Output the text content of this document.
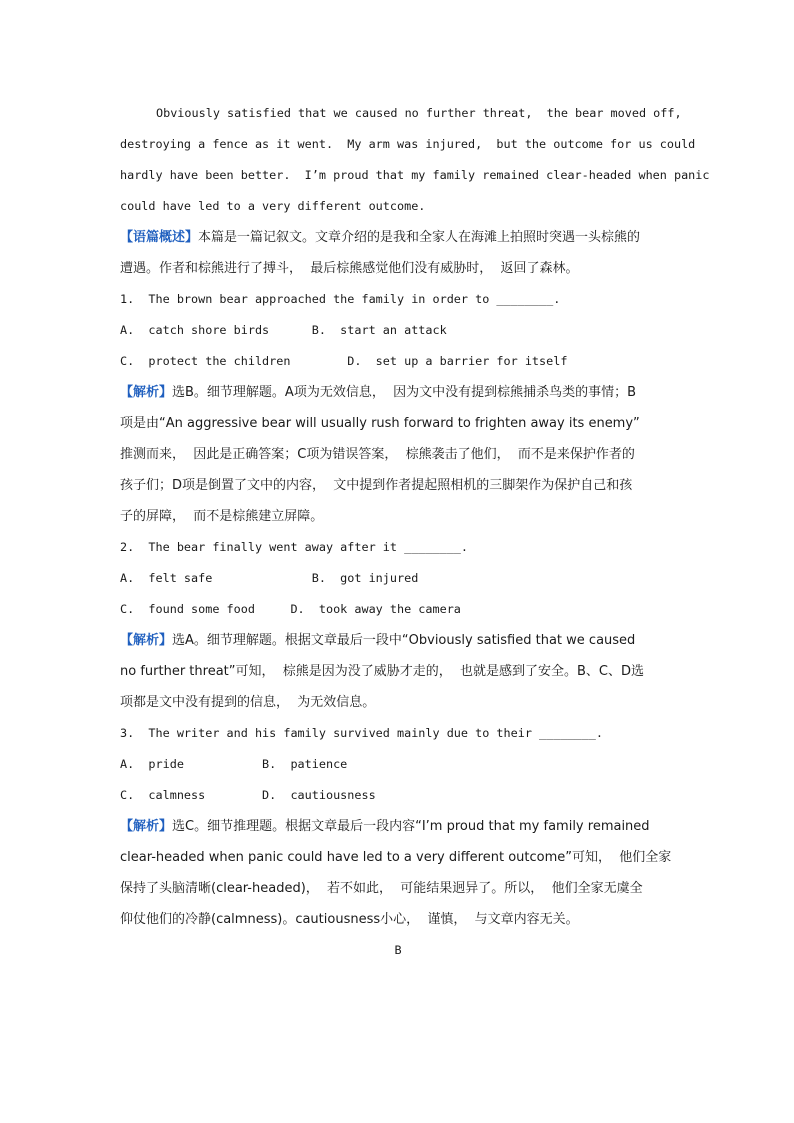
Obviously satisfied that we caused no further threat,  the bear moved off,
destroying a fence as it went.  My arm was injured,  but the outcome for us could
hardly have been better.  I’m proud that my family remained clear-headed when panic
could have led to a very different outcome.
【语篇概述】本篇是一篇记叙文。文章介绍的是我和全家人在海滩上拍照时突遇一头棕熊的
遭遇。作者和棕熊进行了搏斗，  最后棕熊感觉他们没有威胁时，  返回了森林。
1.  The brown bear approached the family in order to ________.
A.  catch shore birds      B.  start an attack
C.  protect the children        D.  set up a barrier for itself
【解析】选B。细节理解题。A项为无效信息，  因为文中没有提到棕熊捕杀鸟类的事情；B
项是由“An aggressive bear will usually rush forward to frighten away its enemy”
推测而来，  因此是正确答案；C项为错误答案，  棕熊袭击了他们，  而不是来保护作者的
孩子们；D项是倒置了文中的内容，  文中提到作者提起照相机的三脚架作为保护自己和孩
子的屏障，  而不是棕熊建立屏障。
2.  The bear finally went away after it ________.
A.  felt safe              B.  got injured
C.  found some food     D.  took away the camera
【解析】选A。细节理解题。根据文章最后一段中“Obviously satisfied that we caused
no further threat”可知，  棕熊是因为没了威胁才走的，  也就是感到了安全。B、C、D选
项都是文中没有提到的信息，  为无效信息。
3.  The writer and his family survived mainly due to their ________.
A.  pride           B.  patience
C.  calmness        D.  cautiousness
【解析】选C。细节推理题。根据文章最后一段内容“I’m proud that my family remained
clear-headed when panic could have led to a very different outcome”可知，  他们全家
保持了头脑清晰(clear-headed)，  若不如此，  可能结果迥异了。所以，  他们全家无虞全
仰仗他们的冷静(calmness)。cautiousness小心，  谨慎，  与文章内容无关。
B
